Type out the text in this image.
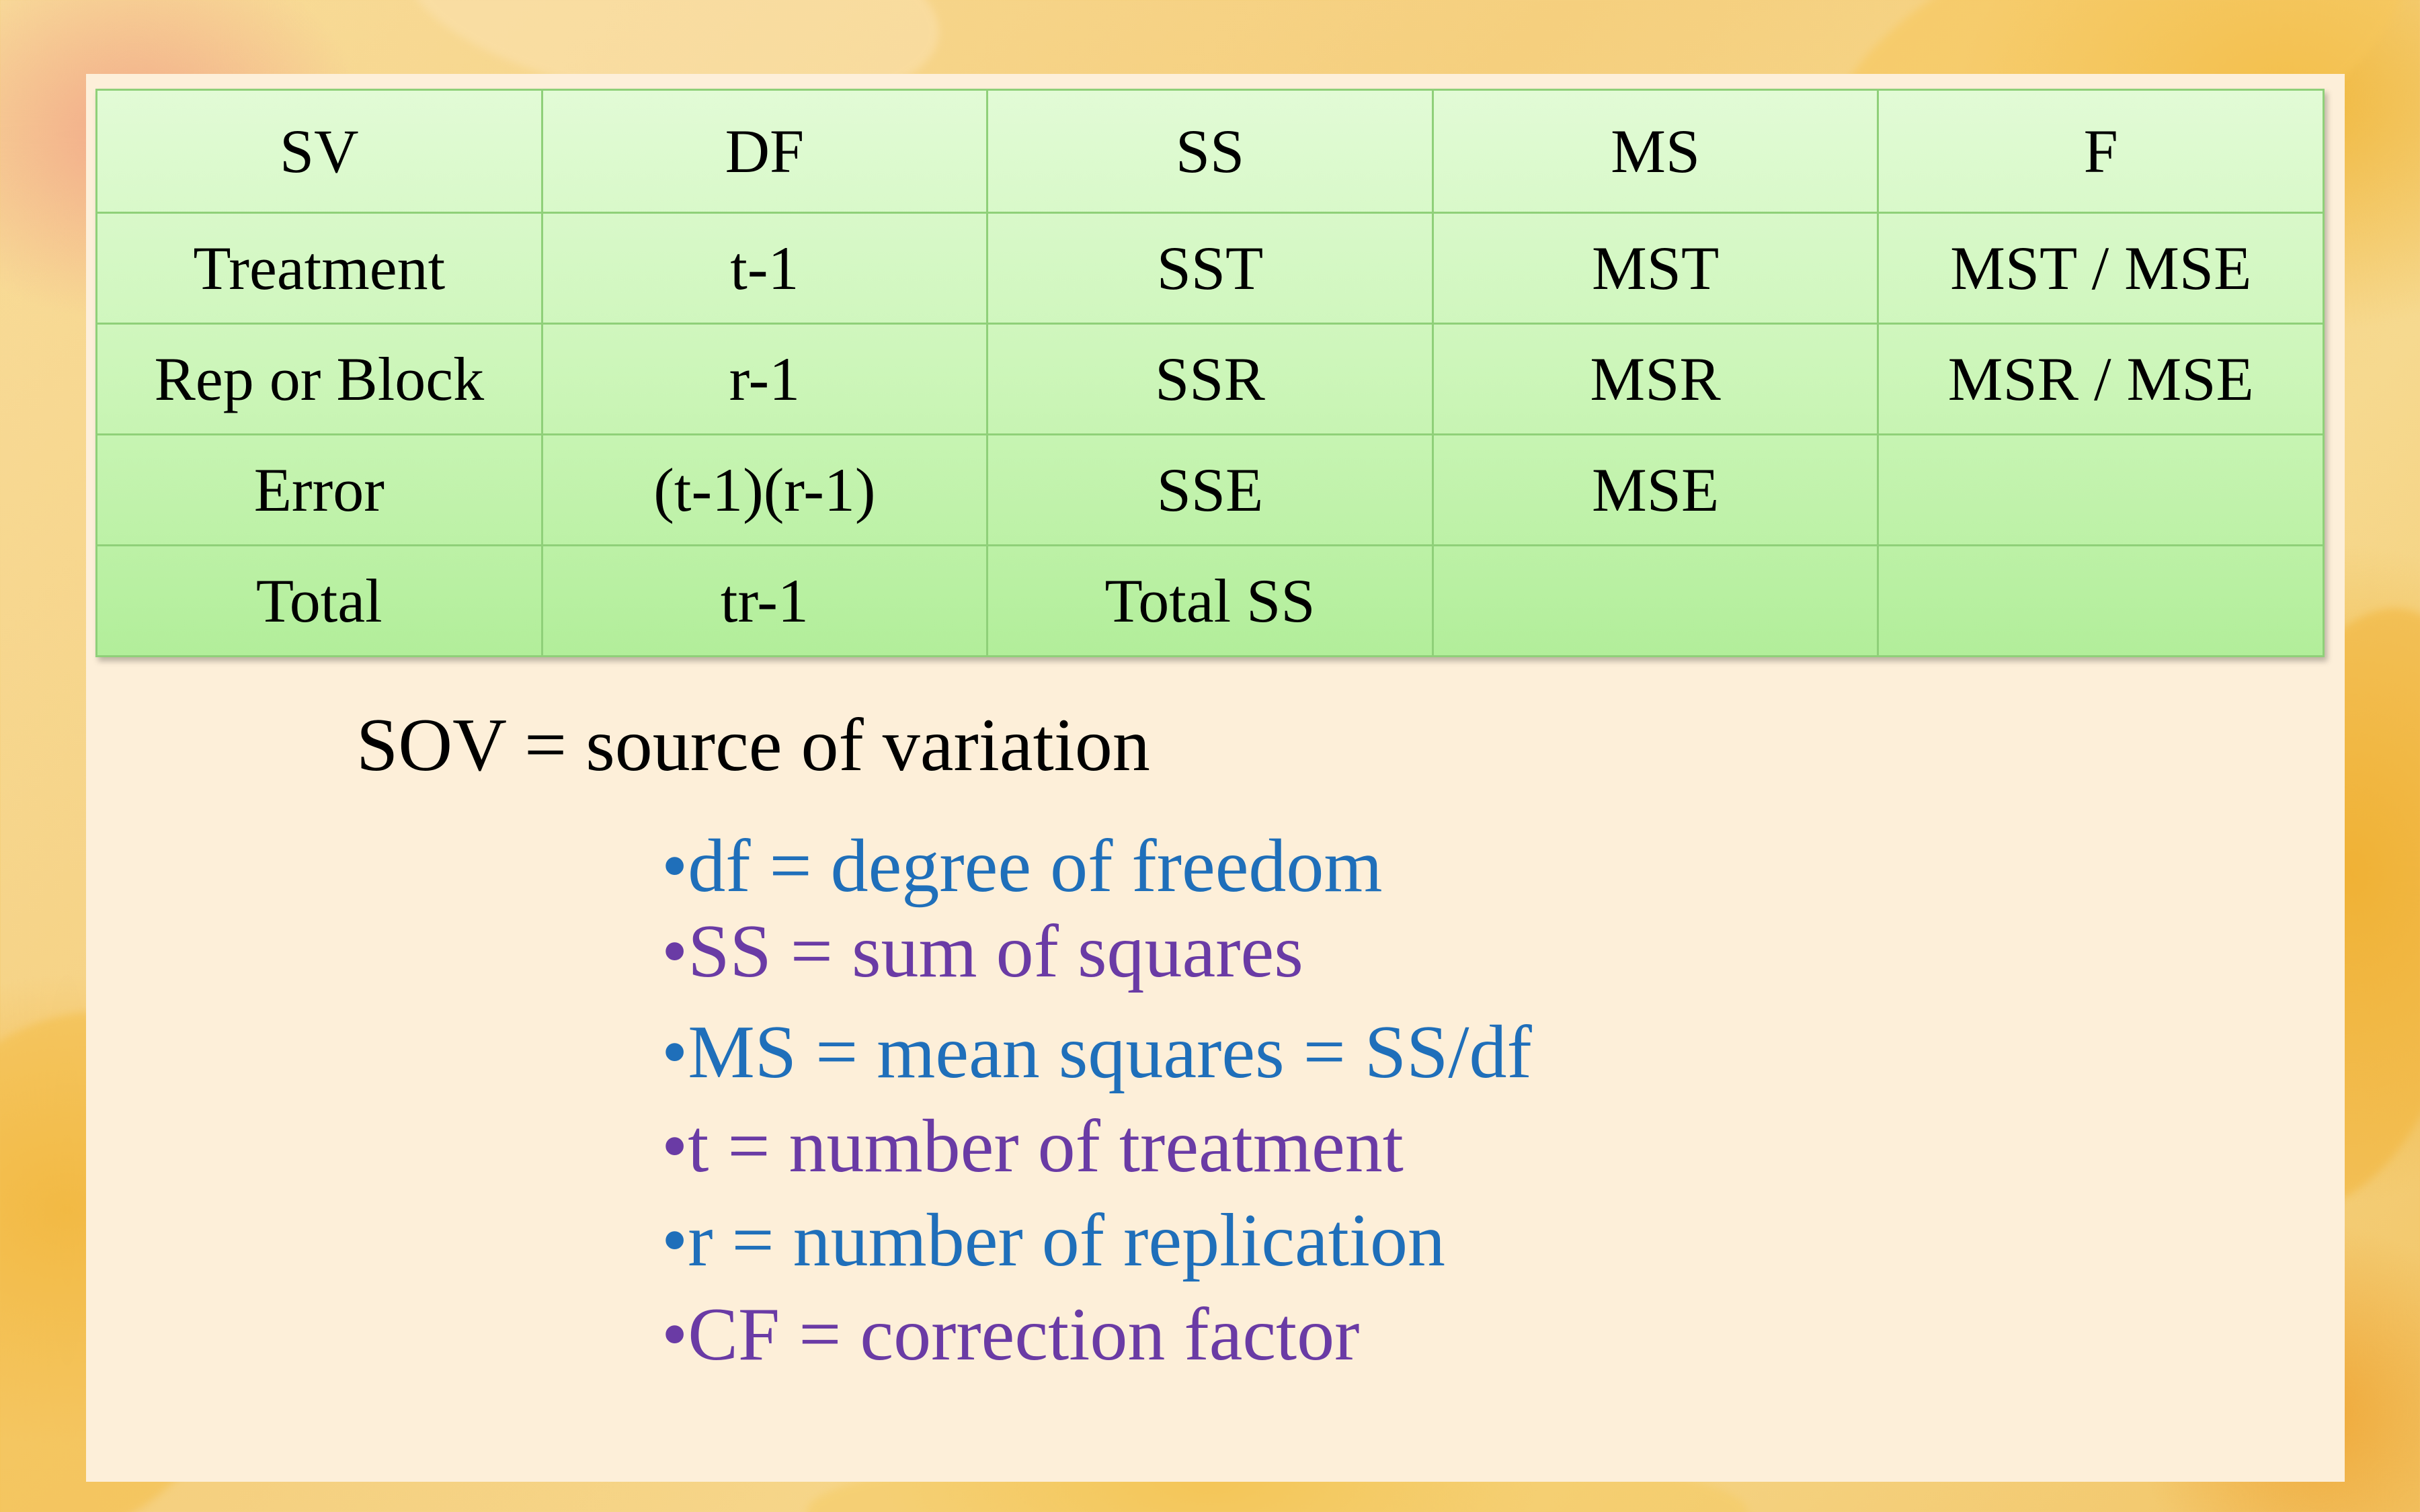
SV	DF	SS	MS	F
Treatment	t-1	SST	MST	MST / MSE
Rep or Block	r-1	SSR	MSR	MSR / MSE
Error	(t-1)(r-1)	SSE	MSE	
Total	tr-1	Total SS		
SOV = source of variation
•df = degree of freedom
•SS = sum of squares
•MS = mean squares = SS/df
•t = number of treatment
•r = number of replication
•CF = correction factor
